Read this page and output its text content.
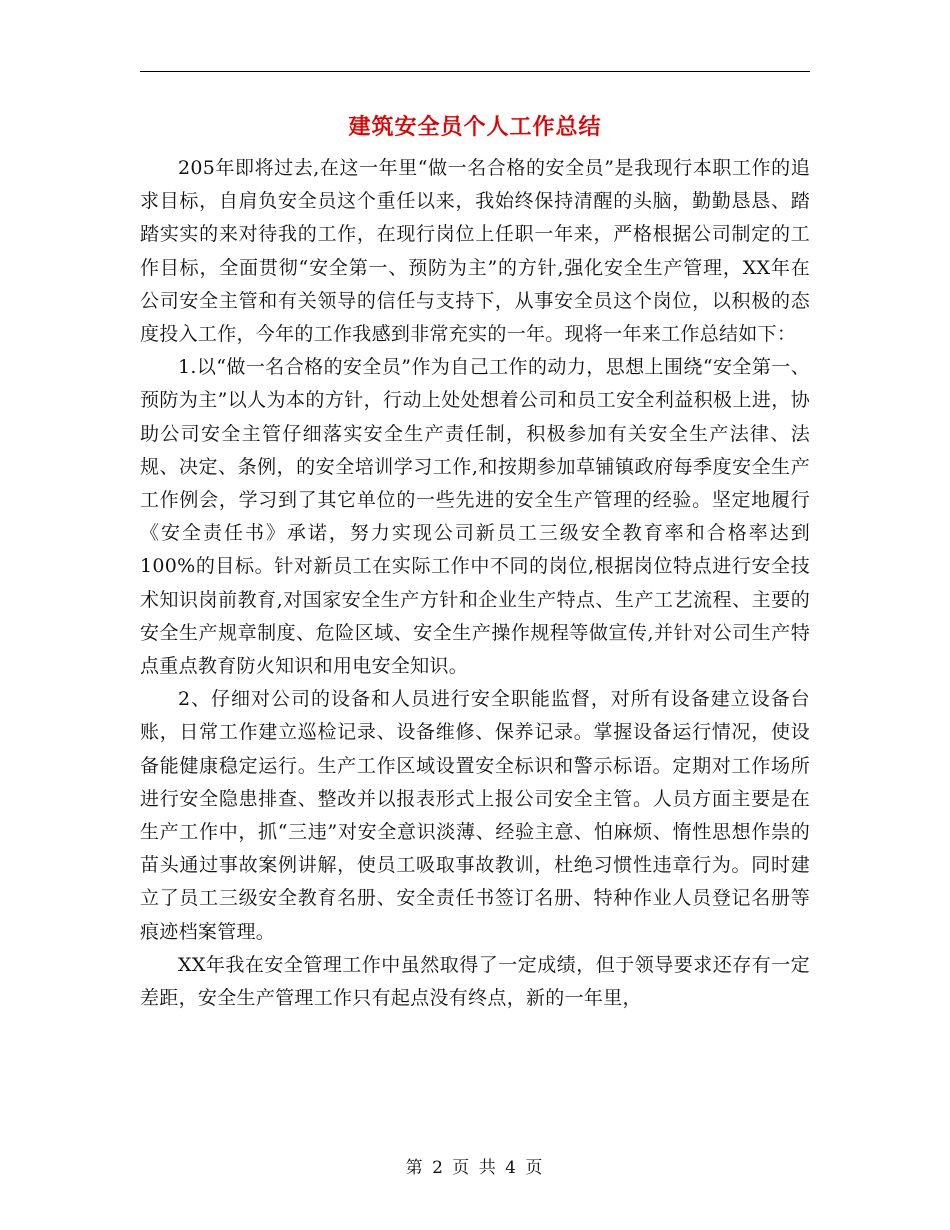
建筑安全员个人工作总结

205年即将过去,在这一年里“做一名合格的安全员”是我现行本职工作的追求目标，自肩负安全员这个重任以来，我始终保持清醒的头脑，勤勤恳恳、踏踏实实的来对待我的工作，在现行岗位上任职一年来，严格根据公司制定的工作目标，全面贯彻“安全第一、预防为主”的方针,强化安全生产管理，XX年在公司安全主管和有关领导的信任与支持下，从事安全员这个岗位，以积极的态度投入工作，今年的工作我感到非常充实的一年。现将一年来工作总结如下：

1.以“做一名合格的安全员”作为自己工作的动力，思想上围绕“安全第一、预防为主”以人为本的方针，行动上处处想着公司和员工安全利益积极上进，协助公司安全主管仔细落实安全生产责任制，积极参加有关安全生产法律、法规、决定、条例，的安全培训学习工作,和按期参加草铺镇政府每季度安全生产工作例会，学习到了其它单位的一些先进的安全生产管理的经验。坚定地履行《安全责任书》承诺，努力实现公司新员工三级安全教育率和合格率达到100%的目标。针对新员工在实际工作中不同的岗位,根据岗位特点进行安全技术知识岗前教育,对国家安全生产方针和企业生产特点、生产工艺流程、主要的安全生产规章制度、危险区域、安全生产操作规程等做宣传,并针对公司生产特点重点教育防火知识和用电安全知识。

2、仔细对公司的设备和人员进行安全职能监督，对所有设备建立设备台账，日常工作建立巡检记录、设备维修、保养记录。掌握设备运行情况，使设备能健康稳定运行。生产工作区域设置安全标识和警示标语。定期对工作场所进行安全隐患排查、整改并以报表形式上报公司安全主管。人员方面主要是在生产工作中，抓“三违”对安全意识淡薄、经验主意、怕麻烦、惰性思想作祟的苗头通过事故案例讲解，使员工吸取事故教训，杜绝习惯性违章行为。同时建立了员工三级安全教育名册、安全责任书签订名册、特种作业人员登记名册等痕迹档案管理。

XX年我在安全管理工作中虽然取得了一定成绩，但于领导要求还存有一定差距，安全生产管理工作只有起点没有终点，新的一年里，

第 2 页 共 4 页
